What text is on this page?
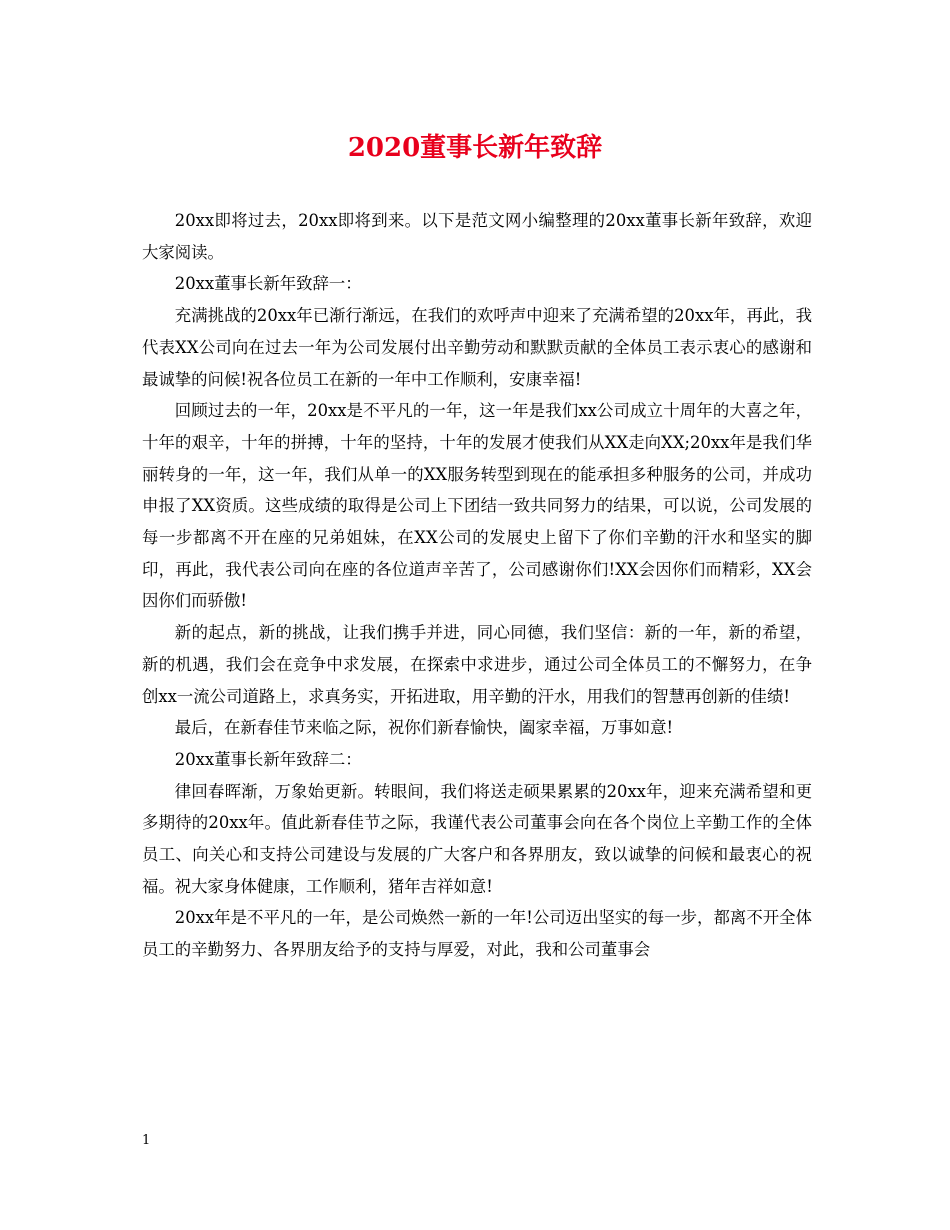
2020董事长新年致辞

20xx即将过去，20xx即将到来。以下是范文网小编整理的20xx董事长新年致辞，欢迎大家阅读。

20xx董事长新年致辞一：

充满挑战的20xx年已渐行渐远，在我们的欢呼声中迎来了充满希望的20xx年，再此，我代表XX公司向在过去一年为公司发展付出辛勤劳动和默默贡献的全体员工表示衷心的感谢和最诚挚的问候!祝各位员工在新的一年中工作顺利，安康幸福!

回顾过去的一年，20xx是不平凡的一年，这一年是我们xx公司成立十周年的大喜之年，十年的艰辛，十年的拼搏，十年的坚持，十年的发展才使我们从XX走向XX;20xx年是我们华丽转身的一年，这一年，我们从单一的XX服务转型到现在的能承担多种服务的公司，并成功申报了XX资质。这些成绩的取得是公司上下团结一致共同努力的结果，可以说，公司发展的每一步都离不开在座的兄弟姐妹，在XX公司的发展史上留下了你们辛勤的汗水和坚实的脚印，再此，我代表公司向在座的各位道声辛苦了，公司感谢你们!XX会因你们而精彩，XX会因你们而骄傲!

新的起点，新的挑战，让我们携手并进，同心同德，我们坚信：新的一年，新的希望， 新的机遇，我们会在竞争中求发展，在探索中求进步，通过公司全体员工的不懈努力，在争创xx一流公司道路上，求真务实，开拓进取，用辛勤的汗水，用我们的智慧再创新的佳绩!

最后，在新春佳节来临之际，祝你们新春愉快，阖家幸福，万事如意!

20xx董事长新年致辞二：

律回春晖渐，万象始更新。转眼间，我们将送走硕果累累的20xx年，迎来充满希望和更多期待的20xx年。值此新春佳节之际，我谨代表公司董事会向在各个岗位上辛勤工作的全体员工、向关心和支持公司建设与发展的广大客户和各界朋友，致以诚挚的问候和最衷心的祝福。祝大家身体健康，工作顺利，猪年吉祥如意!

20xx年是不平凡的一年，是公司焕然一新的一年!公司迈出坚实的每一步，都离不开全体员工的辛勤努力、各界朋友给予的支持与厚爱，对此，我和公司董事会

1
